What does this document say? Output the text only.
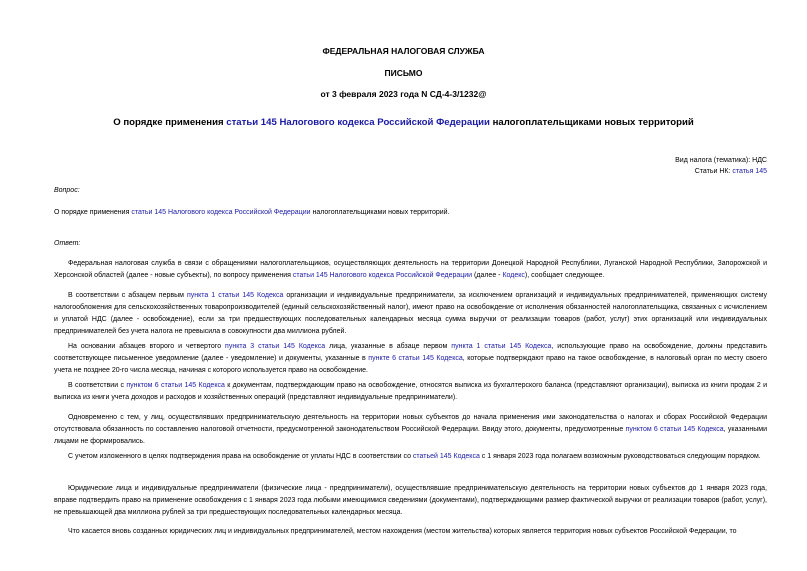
ФЕДЕРАЛЬНАЯ НАЛОГОВАЯ СЛУЖБА
ПИСЬМО
от 3 февраля 2023 года N СД-4-3/1232@
О порядке применения статьи 145 Налогового кодекса Российской Федерации налогоплательщиками новых территорий
Вид налога (тематика): НДС
Статьи НК: статья 145
Вопрос:
О порядке применения статьи 145 Налогового кодекса Российской Федерации налогоплательщиками новых территорий.
Ответ:
Федеральная налоговая служба в связи с обращениями налогоплательщиков, осуществляющих деятельность на территории Донецкой Народной Республики, Луганской Народной Республики, Запорожской и Херсонской областей (далее - новые субъекты), по вопросу применения статьи 145 Налогового кодекса Российской Федерации (далее - Кодекс), сообщает следующее.
В соответствии с абзацем первым пункта 1 статьи 145 Кодекса организации и индивидуальные предприниматели, за исключением организаций и индивидуальных предпринимателей, применяющих систему налогообложения для сельскохозяйственных товаропроизводителей (единый сельскохозяйственный налог), имеют право на освобождение от исполнения обязанностей налогоплательщика, связанных с исчислением и уплатой НДС (далее - освобождение), если за три предшествующих последовательных календарных месяца сумма выручки от реализации товаров (работ, услуг) этих организаций или индивидуальных предпринимателей без учета налога не превысила в совокупности два миллиона рублей.
На основании абзацев второго и четвертого пункта 3 статьи 145 Кодекса лица, указанные в абзаце первом пункта 1 статьи 145 Кодекса, использующие право на освобождение, должны представить соответствующее письменное уведомление (далее - уведомление) и документы, указанные в пункте 6 статьи 145 Кодекса, которые подтверждают право на такое освобождение, в налоговый орган по месту своего учета не позднее 20-го числа месяца, начиная с которого используется право на освобождение.
В соответствии с пунктом 6 статьи 145 Кодекса к документам, подтверждающим право на освобождение, относятся выписка из бухгалтерского баланса (представляют организации), выписка из книги продаж 2 и выписка из книги учета доходов и расходов и хозяйственных операций (представляют индивидуальные предприниматели).
Одновременно с тем, у лиц, осуществлявших предпринимательскую деятельность на территории новых субъектов до начала применения ими законодательства о налогах и сборах Российской Федерации отсутствовала обязанность по составлению налоговой отчетности, предусмотренной законодательством Российской Федерации. Ввиду этого, документы, предусмотренные пунктом 6 статьи 145 Кодекса, указанными лицами не формировались.
С учетом изложенного в целях подтверждения права на освобождение от уплаты НДС в соответствии со статьей 145 Кодекса с 1 января 2023 года полагаем возможным руководствоваться следующим порядком.
Юридические лица и индивидуальные предприниматели (физические лица - предприниматели), осуществлявшие предпринимательскую деятельность на территории новых субъектов до 1 января 2023 года, вправе подтвердить право на применение освобождения с 1 января 2023 года любыми имеющимися сведениями (документами), подтверждающими размер фактической выручки от реализации товаров (работ, услуг), не превышающей два миллиона рублей за три предшествующих последовательных календарных месяца.
Что касается вновь созданных юридических лиц и индивидуальных предпринимателей, местом нахождения (местом жительства) которых является территория новых субъектов Российской Федерации, то
